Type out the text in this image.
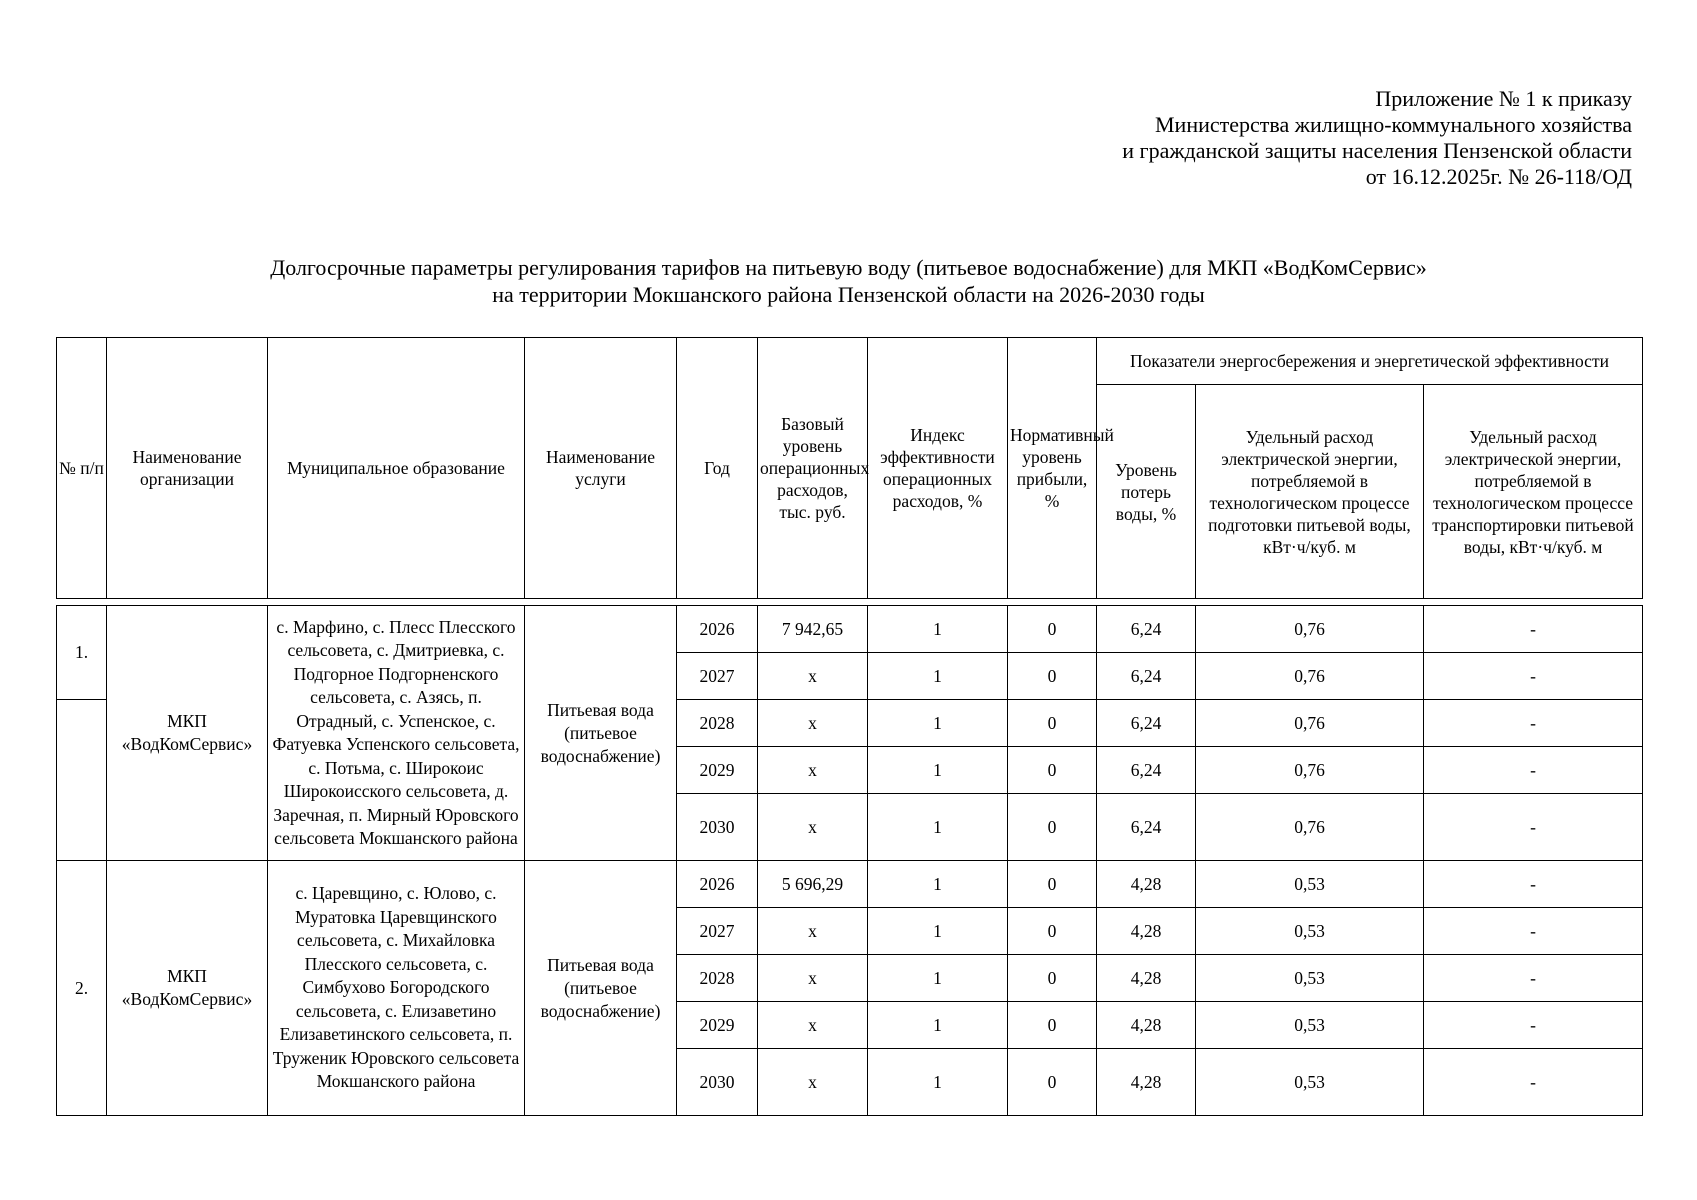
Приложение № 1 к приказу
Министерства жилищно-коммунального хозяйства
и гражданской защиты населения Пензенской области
от 16.12.2025г. № 26-118/ОД
Долгосрочные параметры регулирования тарифов на питьевую воду (питьевое водоснабжение) для МКП «ВодКомСервис»
на территории Мокшанского района Пензенской области на 2026-2030 годы
№ п/п	Наименование организации	Муниципальное образование	Наименование услуги	Год	Базовый уровень операционных расходов, тыс. руб.	Индекс эффективности операционных расходов, %	Нормативный уровень прибыли, %	Показатели энергосбережения и энергетической эффективности		
								Уровень потерь воды, %	Удельный расход электрической энергии, потребляемой в технологическом процессе подготовки питьевой воды, кВт·ч/куб. м	Удельный расход электрической энергии, потребляемой в технологическом процессе транспортировки питьевой воды, кВт·ч/куб. м

1.	МКП «ВодКомСервис»	с. Марфино, с. Плесс Плесского сельсовета, с. Дмитриевка, с. Подгорное Подгорненского сельсовета, с. Азясь, п. Отрадный, с. Успенское, с. Фатуевка Успенского сельсовета, с. Потьма, с. Широкоис Широкоисского сельсовета, д. Заречная, п. Мирный Юровского сельсовета Мокшанского района	Питьевая вода (питьевое водоснабжение)	2026	7 942,65	1	0	6,24	0,76	-
				2027	х	1	0	6,24	0,76	-
				2028	х	1	0	6,24	0,76	-
				2029	х	1	0	6,24	0,76	-
				2030	х	1	0	6,24	0,76	-
2.	МКП «ВодКомСервис»	с. Царевщино, с. Юлово, с. Муратовка Царевщинского сельсовета, с. Михайловка Плесского сельсовета, с. Симбухово Богородского сельсовета, с. Елизаветино Елизаветинского сельсовета, п. Труженик Юровского сельсовета Мокшанского района	Питьевая вода (питьевое водоснабжение)	2026	5 696,29	1	0	4,28	0,53	-
				2027	х	1	0	4,28	0,53	-
				2028	х	1	0	4,28	0,53	-
				2029	х	1	0	4,28	0,53	-
				2030	х	1	0	4,28	0,53	-
